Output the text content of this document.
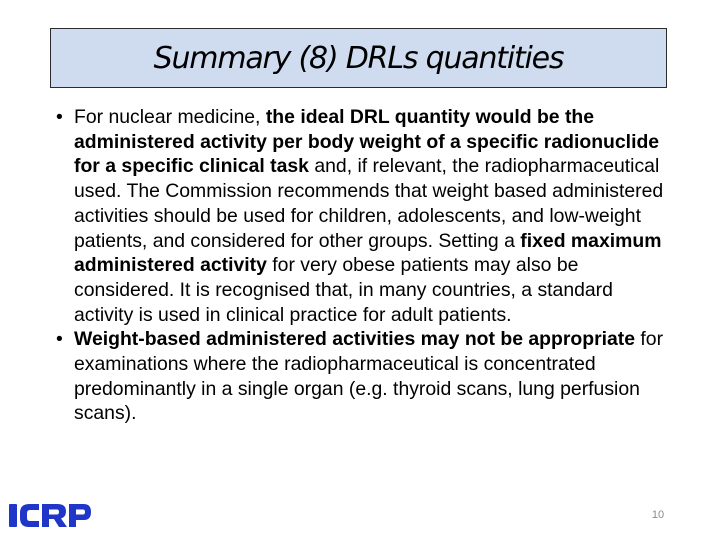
Summary (8) DRLs quantities
• For nuclear medicine, the ideal DRL quantity would be the administered activity per body weight of a specific radionuclide for a specific clinical task and, if relevant, the radiopharmaceutical used. The Commission recommends that weight based administered activities should be used for children, adolescents, and low-weight patients, and considered for other groups. Setting a fixed maximum administered activity for very obese patients may also be considered. It is recognised that, in many countries, a standard activity is used in clinical practice for adult patients.
• Weight-based administered activities may not be appropriate for examinations where the radiopharmaceutical is concentrated predominantly in a single organ (e.g. thyroid scans, lung perfusion scans).
10
